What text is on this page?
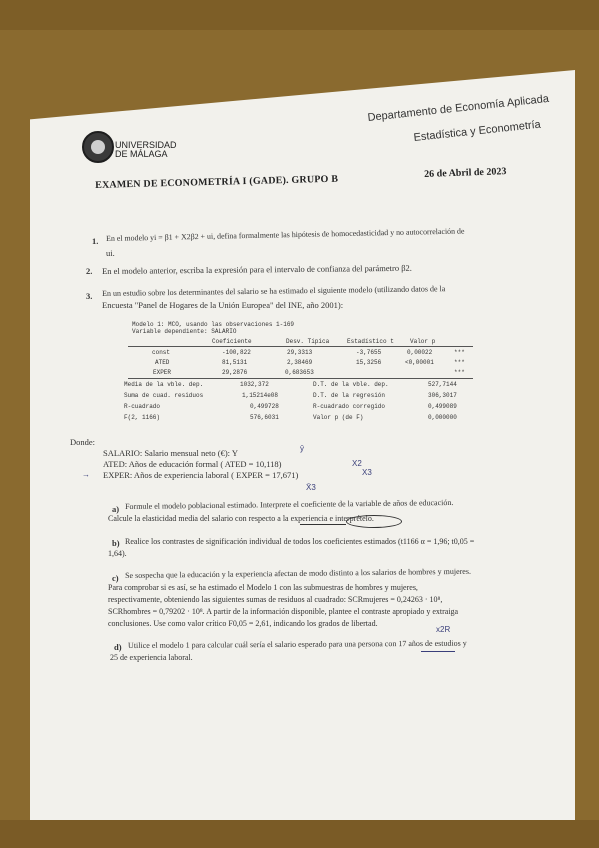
UNIVERSIDAD
DE MÁLAGA
Departamento de Economía Aplicada
Estadística y Econometría
26 de Abril de 2023
EXAMEN DE ECONOMETRÍA I (GADE). GRUPO B
1. En el modelo yi = β1 + X2β2 + ui, defina formalmente las hipótesis de homocedasticidad y no autocorrelación de
ui.
2. En el modelo anterior, escriba la expresión para el intervalo de confianza del parámetro β2.
3. En un estudio sobre los determinantes del salario se ha estimado el siguiente modelo (utilizando datos de la
Encuesta "Panel de Hogares de la Unión Europea" del INE, año 2001):
Modelo 1: MCO, usando las observaciones 1-169
Variable dependiente: SALARIO
Coeficiente	Desv. Típica	Estadístico t	Valor p
const	-100,822	29,3313	-3,7655	0,00022	***
ATED	81,5131	2,38469	15,3256	<0,00001	***
EXPER	29,2876	0,683653	***
Media de la vble. dep.	1032,372	D.T. de la vble. dep.	527,7144
Suma de cuad. residuos	1,15214e08	D.T. de la regresión	306,3017
R-cuadrado	0,499728	R-cuadrado corregido	0,499089
F(2, 1166)	576,6031	Valor p (de F)	0,000000
Donde:
SALARIO: Salario mensual neto (€): Y
ATED: Años de educación formal ( ATED = 10,118)
EXPER: Años de experiencia laboral ( EXPER = 17,671)
ȳ
X2
X3
X̄3
→
a) Formule el modelo poblacional estimado. Interprete el coeficiente de la variable de años de educación.
Calcule la elasticidad media del salario con respecto a la experiencia e interprételo.
b) Realice los contrastes de significación individual de todos los coeficientes estimados (t1166 α = 1,96; t0,05 =
1,64).
c) Se sospecha que la educación y la experiencia afectan de modo distinto a los salarios de hombres y mujeres.
Para comprobar si es así, se ha estimado el Modelo 1 con las submuestras de hombres y mujeres,
respectivamente, obteniendo las siguientes sumas de residuos al cuadrado: SCRmujeres = 0,24263 · 10⁸,
SCRhombres = 0,79202 · 10⁸. A partir de la información disponible, plantee el contraste apropiado y extraiga
conclusiones. Use como valor crítico F0,05 = 2,61, indicando los grados de libertad.
d) Utilice el modelo 1 para calcular cuál sería el salario esperado para una persona con 17 años de estudios y
25 de experiencia laboral.
x2R
